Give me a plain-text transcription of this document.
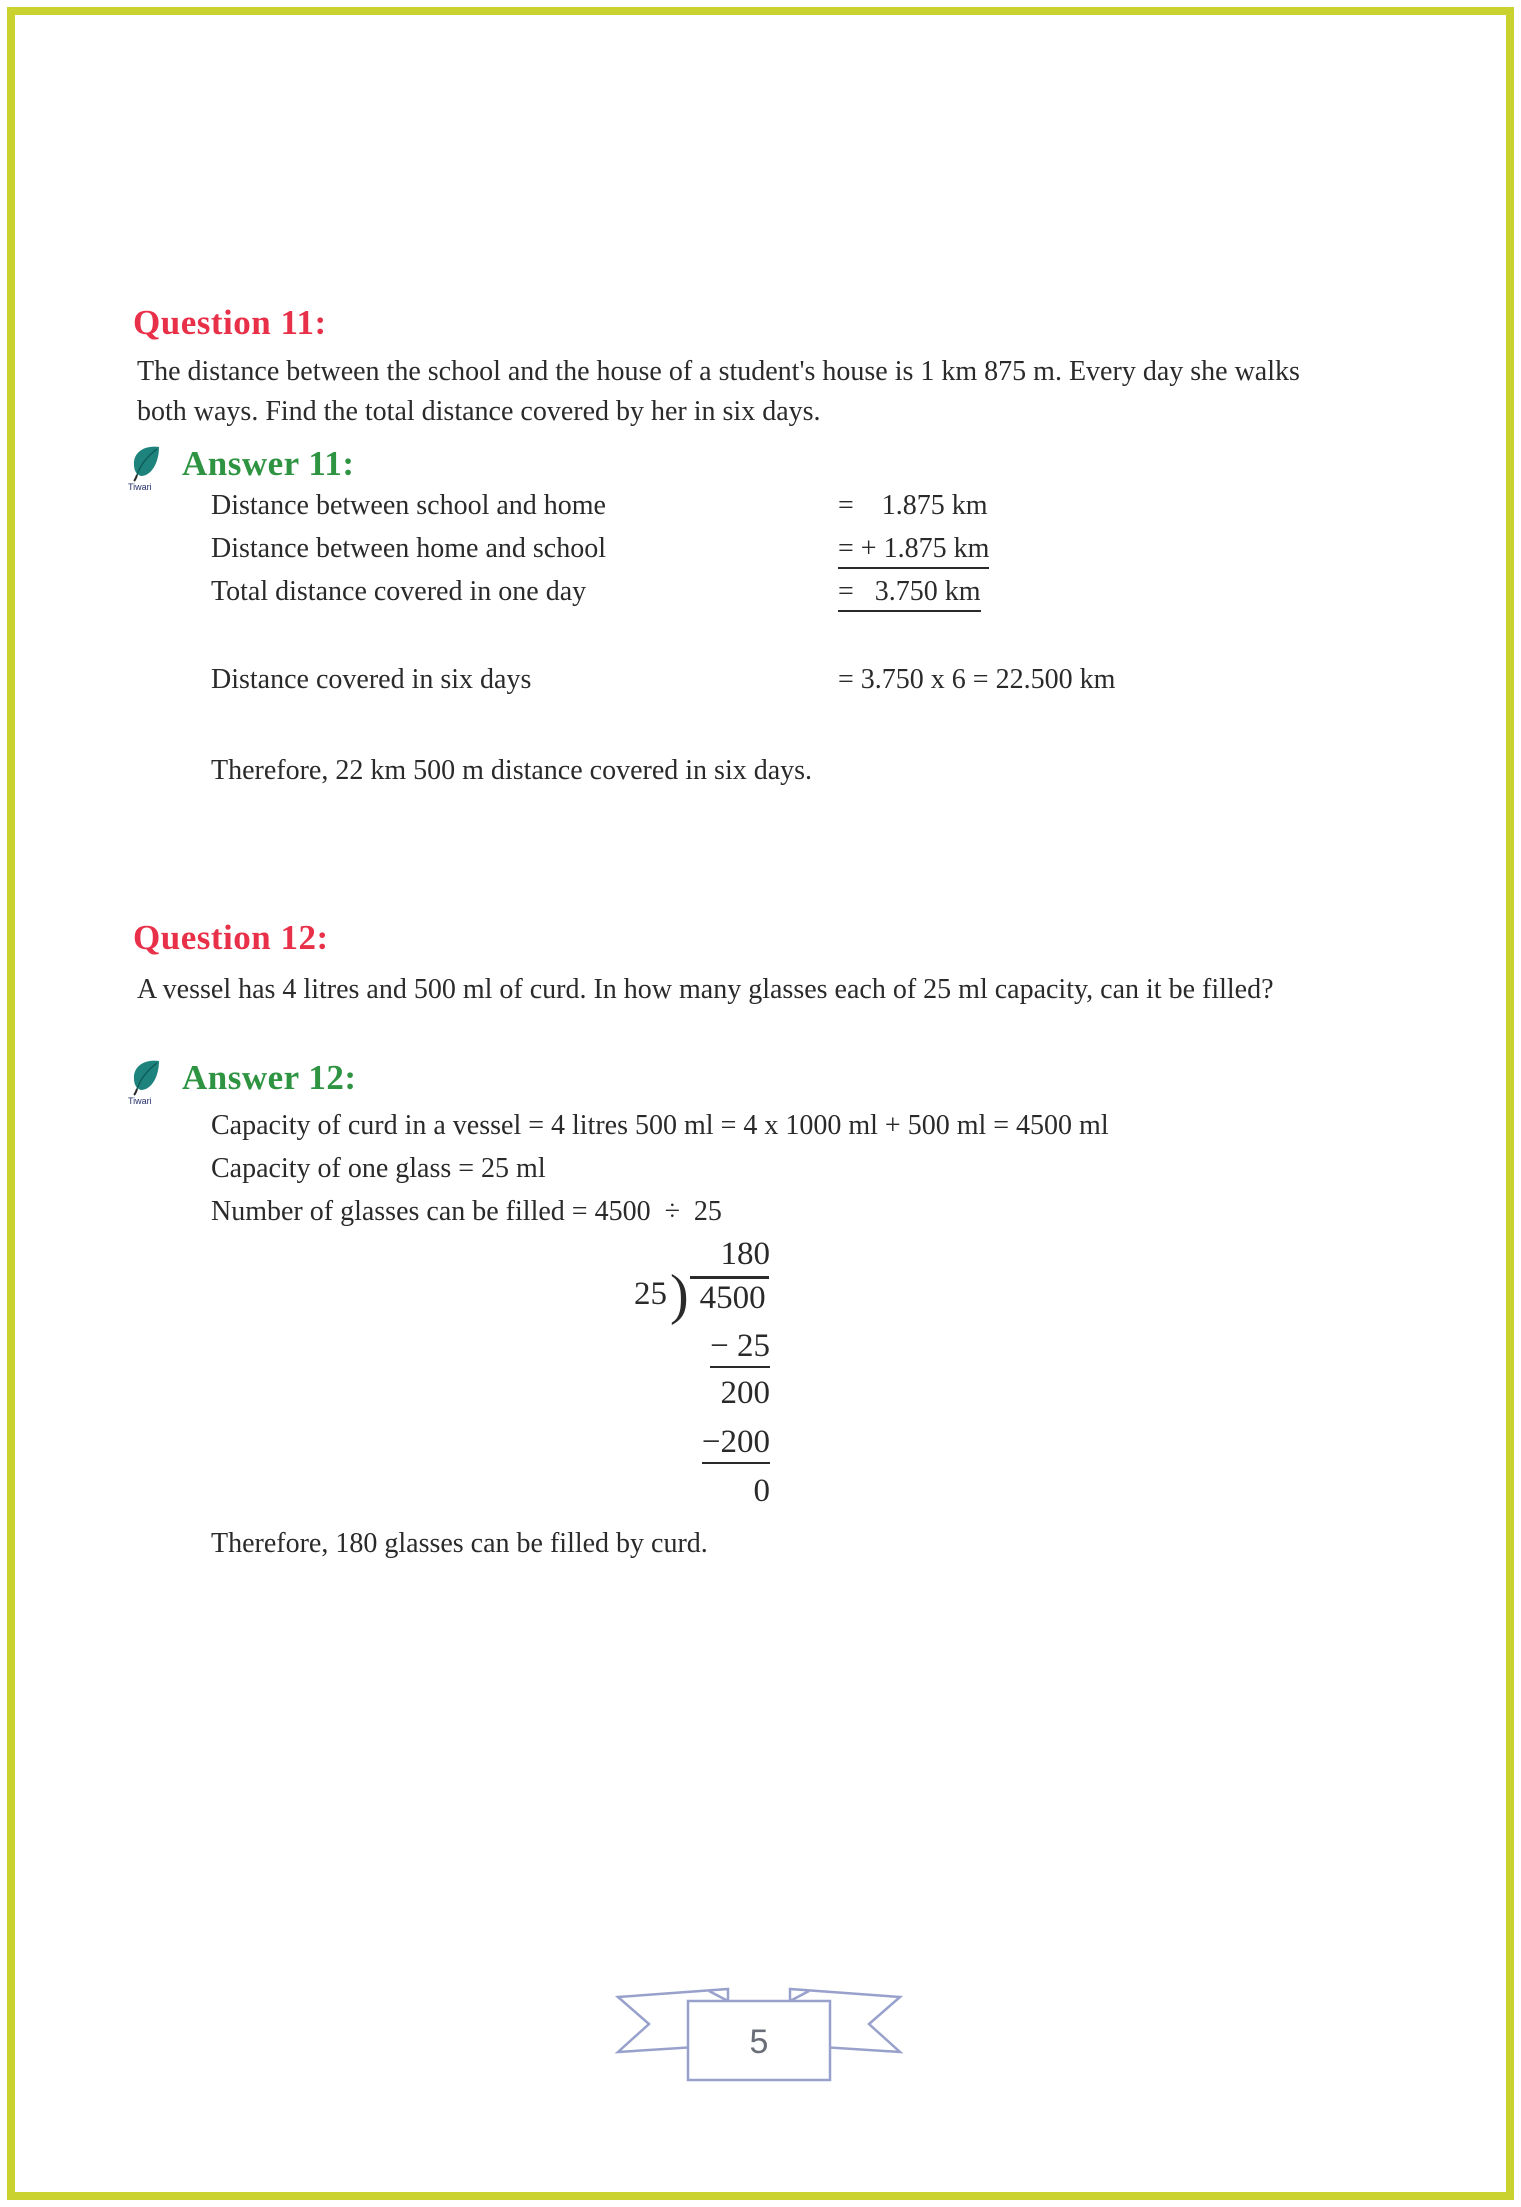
Question 11:

The distance between the school and the house of a student's house is 1 km 875 m. Every day she walks both ways. Find the total distance covered by her in six days.

Tiwari
Answer 11:

Distance between school and home

	=    1.875 km

Distance between home and school

	= + 1.875 km

Total distance covered in one day

	=   3.750 km

Distance covered in six days

	= 3.750 x 6 = 22.500 km

Therefore, 22 km 500 m distance covered in six days.

Question 12:

A vessel has 4 litres and 500 ml of curd. In how many glasses each of 25 ml capacity, can it be filled?

Tiwari
Answer 12:

Capacity of curd in a vessel = 4 litres 500 ml = 4 x 1000 ml + 500 ml = 4500 ml

Capacity of one glass = 25 ml

Number of glasses can be filled = 4500  ÷  25

180
25 ) 4500
− 25
200
−200
0

Therefore, 180 glasses can be filled by curd.

5
